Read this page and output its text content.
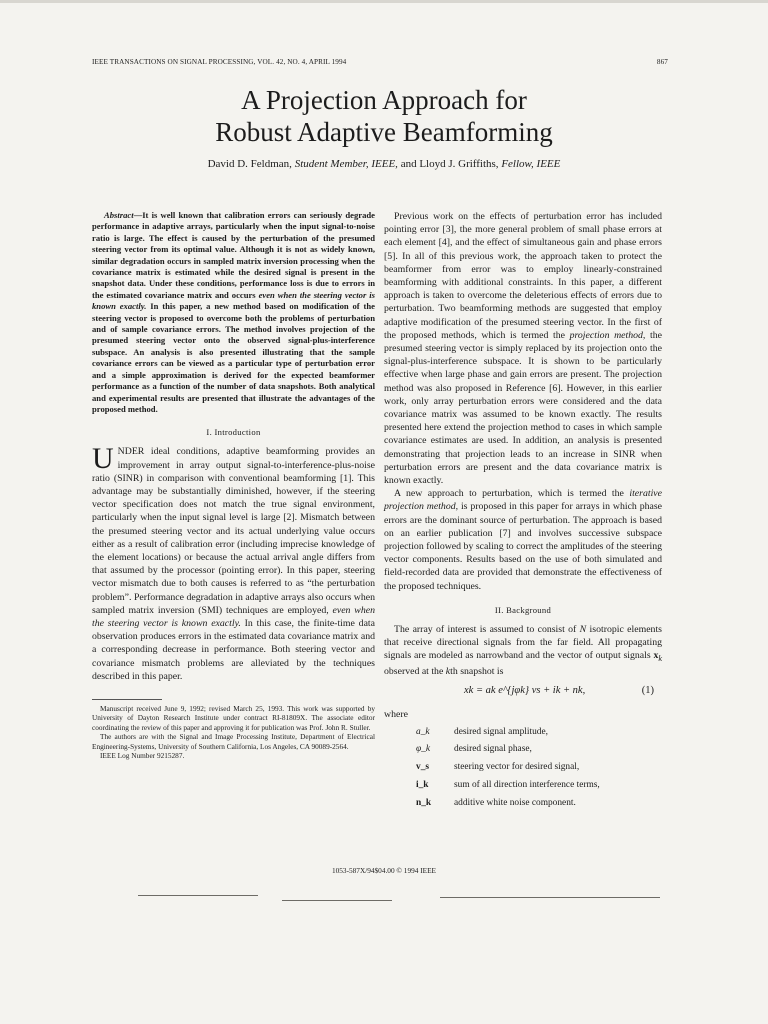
IEEE TRANSACTIONS ON SIGNAL PROCESSING, VOL. 42, NO. 4, APRIL 1994	867
A Projection Approach for
Robust Adaptive Beamforming
David D. Feldman, Student Member, IEEE, and Lloyd J. Griffiths, Fellow, IEEE

Abstract—It is well known that calibration errors can seriously degrade performance in adaptive arrays, particularly when the input signal-to-noise ratio is large. The effect is caused by the perturbation of the presumed steering vector from its optimal value. Although it is not as widely known, similar degradation occurs in sampled matrix inversion processing when the covariance matrix is estimated while the desired signal is present in the snapshot data. Under these conditions, performance loss is due to errors in the estimated covariance matrix and occurs even when the steering vector is known exactly. In this paper, a new method based on modification of the steering vector is proposed to overcome both the problems of perturbation and of sample covariance errors. The method involves projection of the presumed steering vector onto the observed signal-plus-interference subspace. An analysis is also presented illustrating that the sample covariance errors can be viewed as a particular type of perturbation error and a simple approximation is derived for the expected beamformer performance as a function of the number of data snapshots. Both analytical and experimental results are presented that illustrate the advantages of the proposed method.

I. Introduction

UNDER ideal conditions, adaptive beamforming provides an improvement in array output signal-to-interference-plus-noise ratio (SINR) in comparison with conventional beamforming [1]. This advantage may be substantially diminished, however, if the steering vector specification does not match the true signal environment, particularly when the input signal level is large [2]. Mismatch between the presumed steering vector and its actual underlying value occurs either as a result of calibration error (including imprecise knowledge of the element locations) or because the actual arrival angle differs from that assumed by the processor (pointing error). In this paper, steering vector mismatch due to both causes is referred to as “the perturbation problem”. Performance degradation in adaptive arrays also occurs when sampled matrix inversion (SMI) techniques are employed, even when the steering vector is known exactly. In this case, the finite-time data observation produces errors in the estimated data covariance matrix and a corresponding decrease in performance. Both steering vector and covariance mismatch problems are alleviated by the techniques described in this paper.

Manuscript received June 9, 1992; revised March 25, 1993. This work was supported by University of Dayton Research Institute under contract RI-81809X. The associate editor coordinating the review of this paper and approving it for publication was Prof. John R. Stuller.

The authors are with the Signal and Image Processing Institute, Department of Electrical Engineering-Systems, University of Southern California, Los Angeles, CA 90089-2564.

IEEE Log Number 9215287.

Previous work on the effects of perturbation error has included pointing error [3], the more general problem of small phase errors at each element [4], and the effect of simultaneous gain and phase errors [5]. In all of this previous work, the approach taken to protect the beamformer from error was to employ linearly-constrained beamforming with additional constraints. In this paper, a different approach is taken to overcome the deleterious effects of errors due to perturbation. Two beamforming methods are suggested that employ adaptive modification of the presumed steering vector. In the first of the proposed methods, which is termed the projection method, the presumed steering vector is simply replaced by its projection onto the signal-plus-interference subspace. It is shown to be particularly effective when large phase and gain errors are present. The projection method was also proposed in Reference [6]. However, in this earlier work, only array perturbation errors were considered and the data covariance matrix was assumed to be known exactly. The results presented here extend the projection method to cases in which sample covariance estimates are used. In addition, an analysis is presented demonstrating that projection leads to an increase in SINR when perturbation errors are present and the data covariance matrix is known exactly.

A new approach to perturbation, which is termed the iterative projection method, is proposed in this paper for arrays in which phase errors are the dominant source of perturbation. The approach is based on an earlier publication [7] and involves successive subspace projection followed by scaling to correct the amplitudes of the steering vector components. Results based on the use of both simulated and field-recorded data are provided that demonstrate the effectiveness of the proposed techniques.

II. Background

The array of interest is assumed to consist of N isotropic elements that receive directional signals from the far field. All propagating signals are modeled as narrowband and the vector of output signals $x_k$ observed at the kth snapshot is

xk = ak e^{jφk} vs + ik + nk,	(1)

where

a_k	desired signal amplitude,
φ_k	desired signal phase,
v_s	steering vector for desired signal,
i_k	sum of all direction interference terms,
n_k additive white noise component.
1053-587X/94$04.00 © 1994 IEEE
